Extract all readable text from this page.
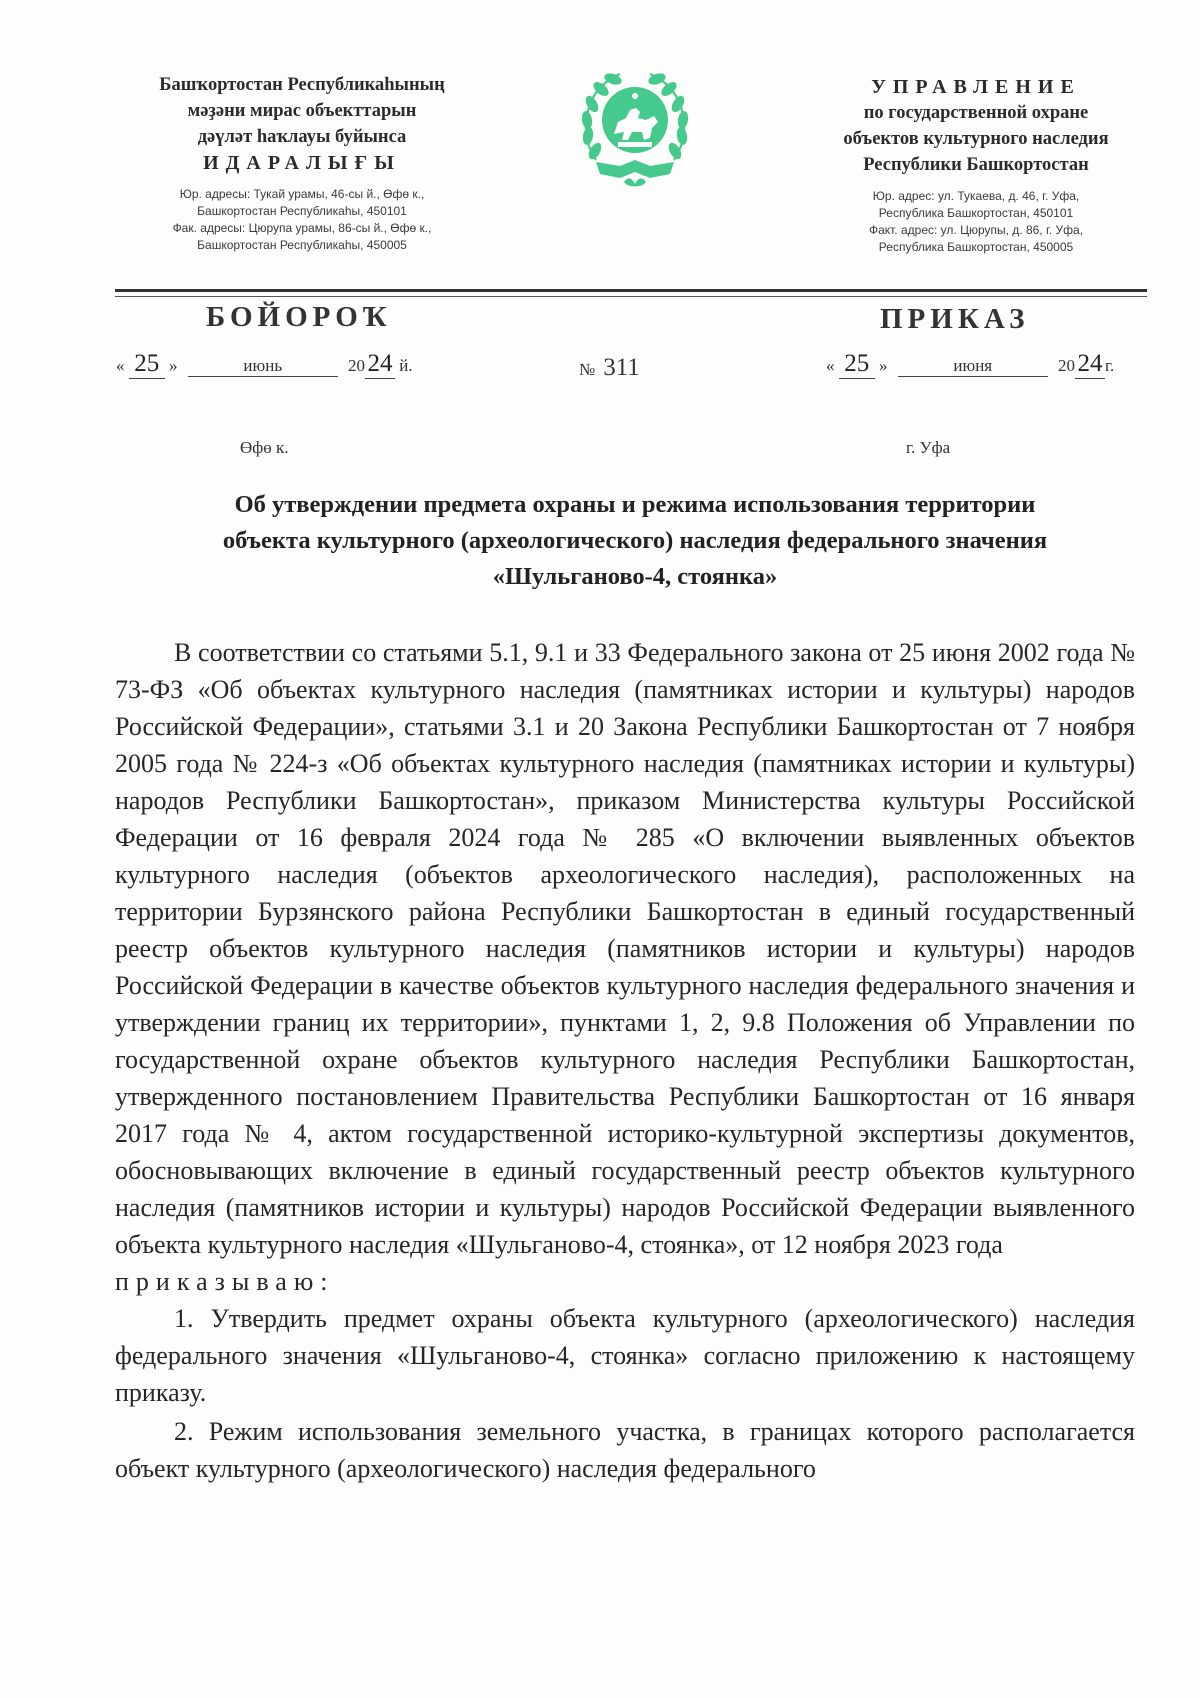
Башҡортостан Республикаһының
мәҙәни мирас объекттарын
дәүләт һаҡлауы буйынса
ИДАРАЛЫҒЫ
Юр. адресы: Тукай урамы, 46-сы й., Өфө к.,
Башкортостан Республикаһы, 450101
Фак. адресы: Цюрупа урамы, 86-сы й., Өфө к.,
Башкортостан Республикаһы, 450005
УПРАВЛЕНИЕ
по государственной охране
объектов культурного наследия
Республики Башкортостан
Юр. адрес: ул. Тукаева, д. 46, г. Уфа,
Республика Башкортостан, 450101
Факт. адрес: ул. Цюрупы, д. 86, г. Уфа,
Республика Башкортостан, 450005
БОЙОРОҠ	ПРИКАЗ
« 25 »	июнь	20 24 й.	№ 311	« 25 »	июня	20 24 г.
Өфө к.	г. Уфа
Об утверждении предмета охраны и режима использования территории
объекта культурного (археологического) наследия федерального значения
«Шульганово-4, стоянка»

В соответствии со статьями 5.1, 9.1 и 33 Федерального закона от 25 июня 2002 года № 73-ФЗ «Об объектах культурного наследия (памятниках истории и культуры) народов Российской Федерации», статьями 3.1 и 20 Закона Республики Башкортостан от 7 ноября 2005 года № 224-з «Об объектах культурного наследия (памятниках истории и культуры) народов Республики Башкортостан», приказом Министерства культуры Российской Федерации от 16 февраля 2024 года № 285 «О включении выявленных объектов культурного наследия (объектов археологического наследия), расположенных на территории Бурзянского района Республики Башкортостан в единый государственный реестр объектов культурного наследия (памятников истории и культуры) народов Российской Федерации в качестве объектов культурного наследия федерального значения и утверждении границ их территории», пунктами 1, 2, 9.8 Положения об Управлении по государственной охране объектов культурного наследия Республики Башкортостан, утвержденного постановлением Правительства Республики Башкортостан от 16 января 2017 года № 4, актом государственной историко-культурной экспертизы документов, обосновывающих включение в единый государственный реестр объектов культурного наследия (памятников истории и культуры) народов Российской Федерации выявленного объекта культурного наследия «Шульганово-4, стоянка», от 12 ноября 2023 года

приказываю:

1. Утвердить предмет охраны объекта культурного (археологического) наследия федерального значения «Шульганово-4, стоянка» согласно приложению к настоящему приказу.

2. Режим использования земельного участка, в границах которого располагается объект культурного (археологического) наследия федерального
